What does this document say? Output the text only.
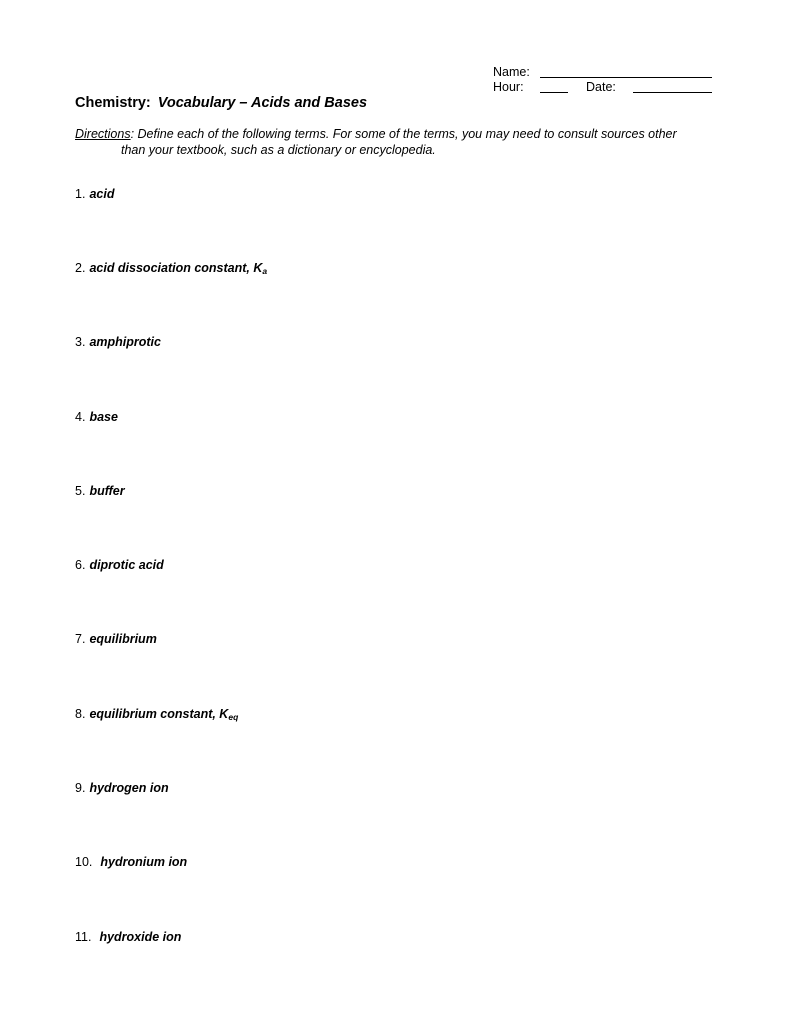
Name:
Hour:	Date:
Chemistry: Vocabulary – Acids and Bases
Directions: Define each of the following terms. For some of the terms, you may need to consult sources other
than your textbook, such as a dictionary or encyclopedia.
1. acid
2. acid dissociation constant, $K_a$
3. amphiprotic
4. base
5. buffer
6. diprotic acid
7. equilibrium
8. equilibrium constant, $K_{eq}$
9. hydrogen ion
10. hydronium ion
11. hydroxide ion
